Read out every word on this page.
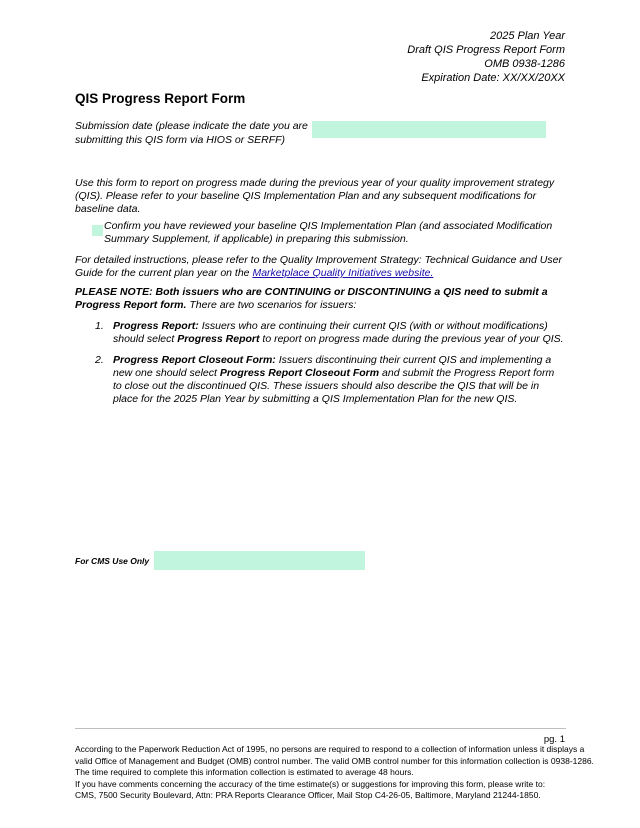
2025 Plan Year
Draft QIS Progress Report Form
OMB 0938-1286
Expiration Date: XX/XX/20XX
QIS Progress Report Form
Submission date (please indicate the date you are submitting this QIS form via HIOS or SERFF)

Use this form to report on progress made during the previous year of your quality improvement strategy (QIS). Please refer to your baseline QIS Implementation Plan and any subsequent modifications for baseline data.

Confirm you have reviewed your baseline QIS Implementation Plan (and associated Modification Summary Supplement, if applicable) in preparing this submission.

For detailed instructions, please refer to the Quality Improvement Strategy: Technical Guidance and User Guide for the current plan year on the Marketplace Quality Initiatives website.

PLEASE NOTE: Both issuers who are CONTINUING or DISCONTINUING a QIS need to submit a Progress Report form. There are two scenarios for issuers:

1. Progress Report: Issuers who are continuing their current QIS (with or without modifications) should select Progress Report to report on progress made during the previous year of your QIS.
2. Progress Report Closeout Form: Issuers discontinuing their current QIS and implementing a new one should select Progress Report Closeout Form and submit the Progress Report form to close out the discontinued QIS. These issuers should also describe the QIS that will be in place for the 2025 Plan Year by submitting a QIS Implementation Plan for the new QIS.
For CMS Use Only
pg. 1
According to the Paperwork Reduction Act of 1995, no persons are required to respond to a collection of information unless it displays a
valid Office of Management and Budget (OMB) control number. The valid OMB control number for this information collection is 0938-1286.
The time required to complete this information collection is estimated to average 48 hours.
If you have comments concerning the accuracy of the time estimate(s) or suggestions for improving this form, please write to:
CMS, 7500 Security Boulevard, Attn: PRA Reports Clearance Officer, Mail Stop C4-26-05, Baltimore, Maryland 21244-1850.
